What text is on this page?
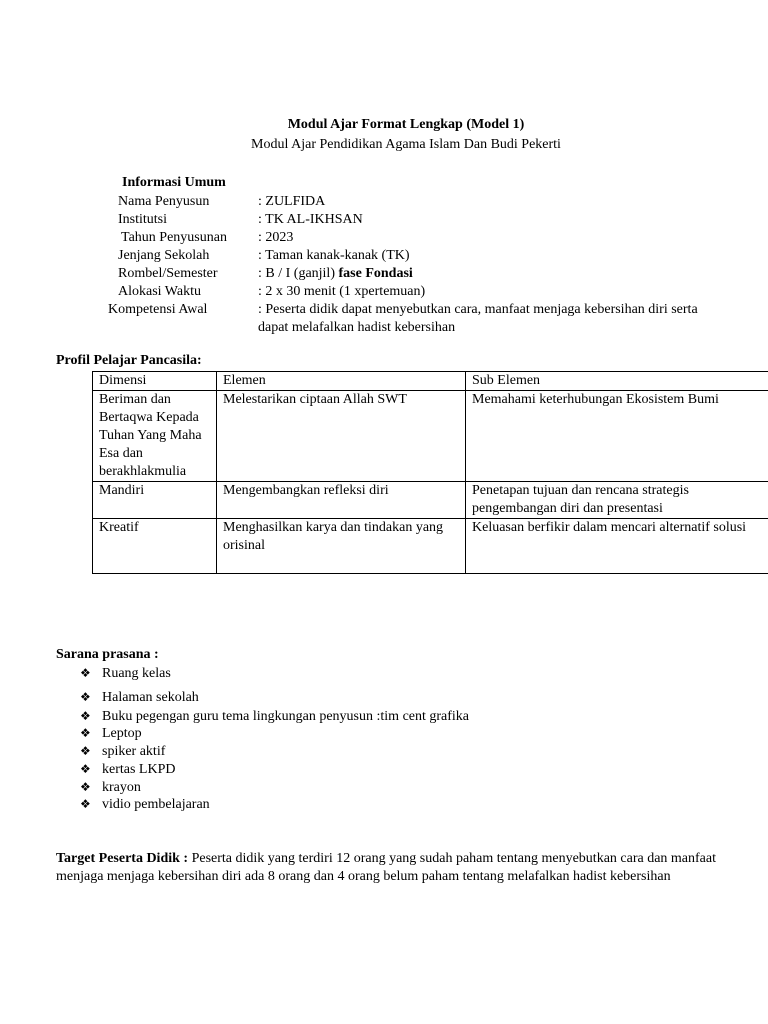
Modul Ajar Format Lengkap (Model 1)
Modul Ajar Pendidikan Agama Islam Dan Budi Pekerti
Informasi Umum
Nama Penyusun	: ZULFIDA
Institutsi	: TK AL-IKHSAN
Tahun Penyusunan : 2023
Jenjang Sekolah	: Taman kanak-kanak (TK)
Rombel/Semester	: B / I (ganjil) fase Fondasi
Alokasi Waktu	: 2 x 30 menit (1 xpertemuan)
Kompetensi Awal	: Peserta didik dapat menyebutkan cara, manfaat menjaga kebersihan diri serta
dapat melafalkan hadist kebersihan
Profil Pelajar Pancasila:
Dimensi	Elemen	Sub Elemen
Beriman dan Bertaqwa Kepada Tuhan Yang Maha Esa dan berakhlakmulia	Melestarikan ciptaan Allah SWT	Memahami keterhubungan Ekosistem Bumi
Mandiri	Mengembangkan refleksi diri	Penetapan tujuan dan rencana strategis pengembangan diri dan presentasi
Kreatif	Menghasilkan karya dan tindakan yang orisinal	Keluasan berfikir dalam mencari alternatif solusi
Sarana prasana :
❖ Ruang kelas
❖ Halaman sekolah
❖ Buku pegengan guru tema lingkungan penyusun :tim cent grafika
❖ Leptop
❖ spiker aktif
❖ kertas LKPD
❖ krayon
❖ vidio pembelajaran
Target Peserta Didik : Peserta didik yang terdiri 12 orang yang sudah paham tentang menyebutkan cara dan manfaat menjaga menjaga kebersihan diri ada 8 orang dan 4 orang belum paham tentang melafalkan hadist kebersihan
